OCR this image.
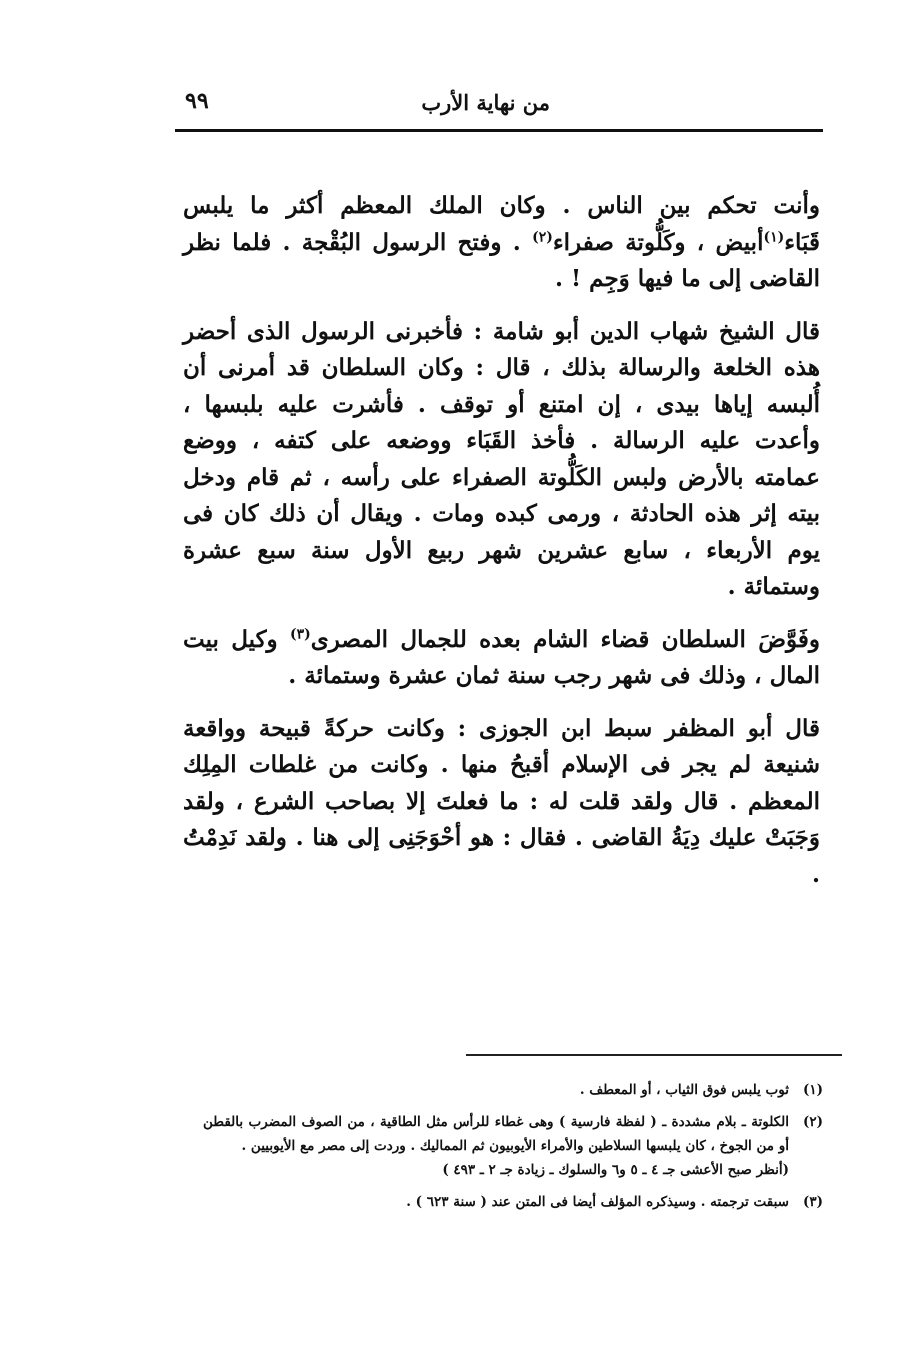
من نهاية الأرب
٩٩

وأنت تحكم بين الناس . وكان الملك المعظم أكثر ما يلبس قَبَاء$^{(١)}$أبيض ، وكَلُّوتة صفراء$^{(٢)}$ . وفتح الرسول البُقْجة . فلما نظر القاضى إلى ما فيها وَجِم ! .

قال الشيخ شهاب الدين أبو شامة : فأخبرنى الرسول الذى أحضر هذه الخلعة والرسالة بذلك ، قال : وكان السلطان قد أمرنى أن أُلبسه إياها بيدى ، إن امتنع أو توقف . فأشرت عليه بلبسها ، وأعدت عليه الرسالة . فأخذ القَبَاء ووضعه على كتفه ، ووضع عمامته بالأرض ولبس الكَلُّوتة الصفراء على رأسه ، ثم قام ودخل بيته إثر هذه الحادثة ، ورمى كبده ومات . ويقال أن ذلك كان فى يوم الأربعاء ، سابع عشرين شهر ربيع الأول سنة سبع عشرة وستمائة .

وفَوَّضَ السلطان قضاء الشام بعده للجمال المصرى$^{(٣)}$ وكيل بيت المال ، وذلك فى شهر رجب سنة ثمان عشرة وستمائة .

قال أبو المظفر سبط ابن الجوزى : وكانت حركةً قبيحة وواقعة شنيعة لم يجر فى الإسلام أقبحُ منها . وكانت من غلطات المِلِك المعظم . قال ولقد قلت له : ما فعلتَ إلا بصاحب الشرع ، ولقد وَجَبَتْ عليك دِيَةُ القاضى . فقال : هو أحْوَجَنِى إلى هنا . ولقد نَدِمْتُ .

(١)
ثوب يلبس فوق الثياب ، أو المعطف .
(٢)
الكلوتة ـ بلام مشددة ـ ( لفظة فارسية ) وهى غطاء للرأس مثل الطاقية ، من الصوف المضرب بالقطن أو من الجوخ ، كان يلبسها السلاطين والأمراء الأيوبيون ثم المماليك . وردت إلى مصر مع الأيوبيين .
(أنظر صبح الأعشى جـ ٤ ـ ٥ و٦ والسلوك ـ زيادة جـ ٢ ـ ٤٩٣ )
(٣)
سبقت ترجمته . وسيذكره المؤلف أيضا فى المتن عند ( سنة ٦٢٣ ) .
